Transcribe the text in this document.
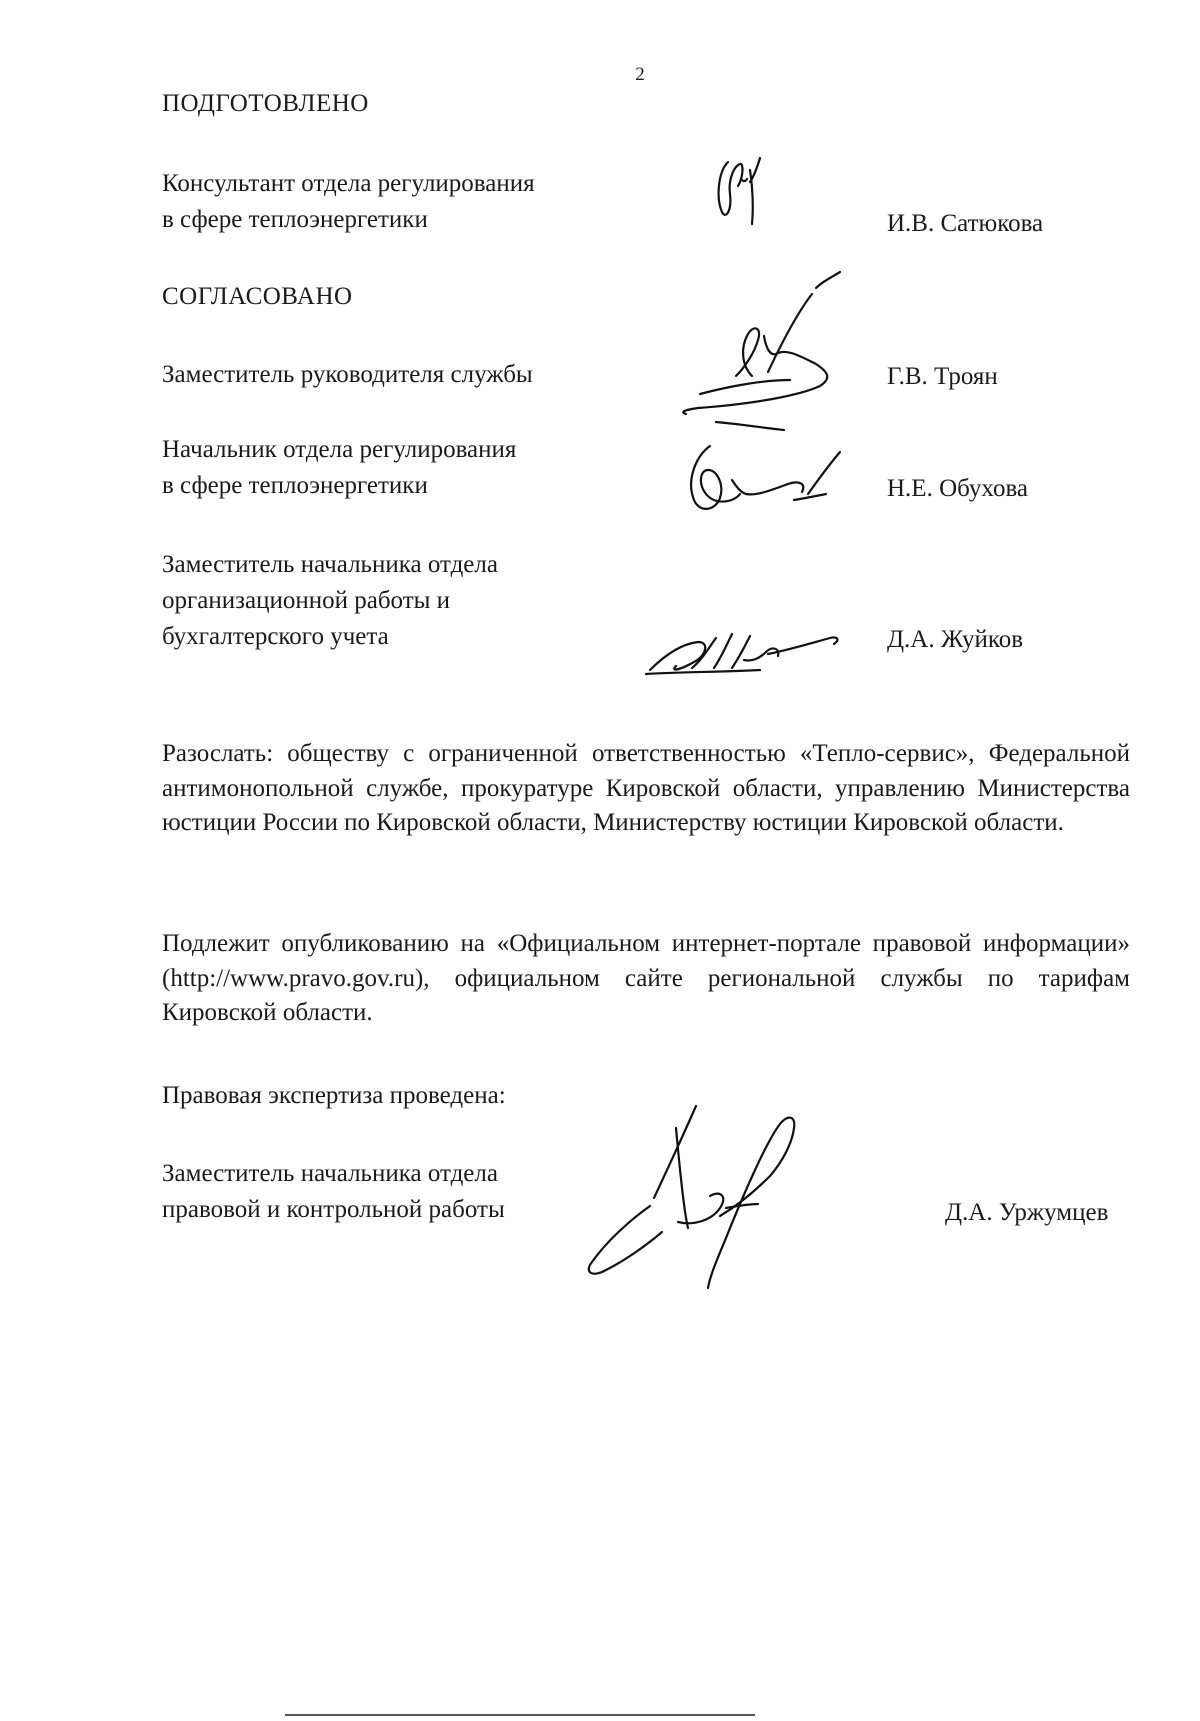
2
ПОДГОТОВЛЕНО
Консультант отдела регулирования
в сфере теплоэнергетики	И.В. Сатюкова
СОГЛАСОВАНО
Заместитель руководителя службы	Г.В. Троян
Начальник отдела регулирования
в сфере теплоэнергетики	Н.Е. Обухова
Заместитель начальника отдела
организационной работы и
бухгалтерского учета	Д.А. Жуйков
Разослать: обществу с ограниченной ответственностью «Тепло-сервис», Федеральной антимонопольной службе, прокуратуре Кировской области, управлению Министерства юстиции России по Кировской области, Министерству юстиции Кировской области.
Подлежит опубликованию на «Официальном интернет-портале правовой информации» (http://www.pravo.gov.ru), официальном сайте региональной службы по тарифам Кировской области.
Правовая экспертиза проведена:
Заместитель начальника отдела
правовой и контрольной работы	Д.А. Уржумцев
